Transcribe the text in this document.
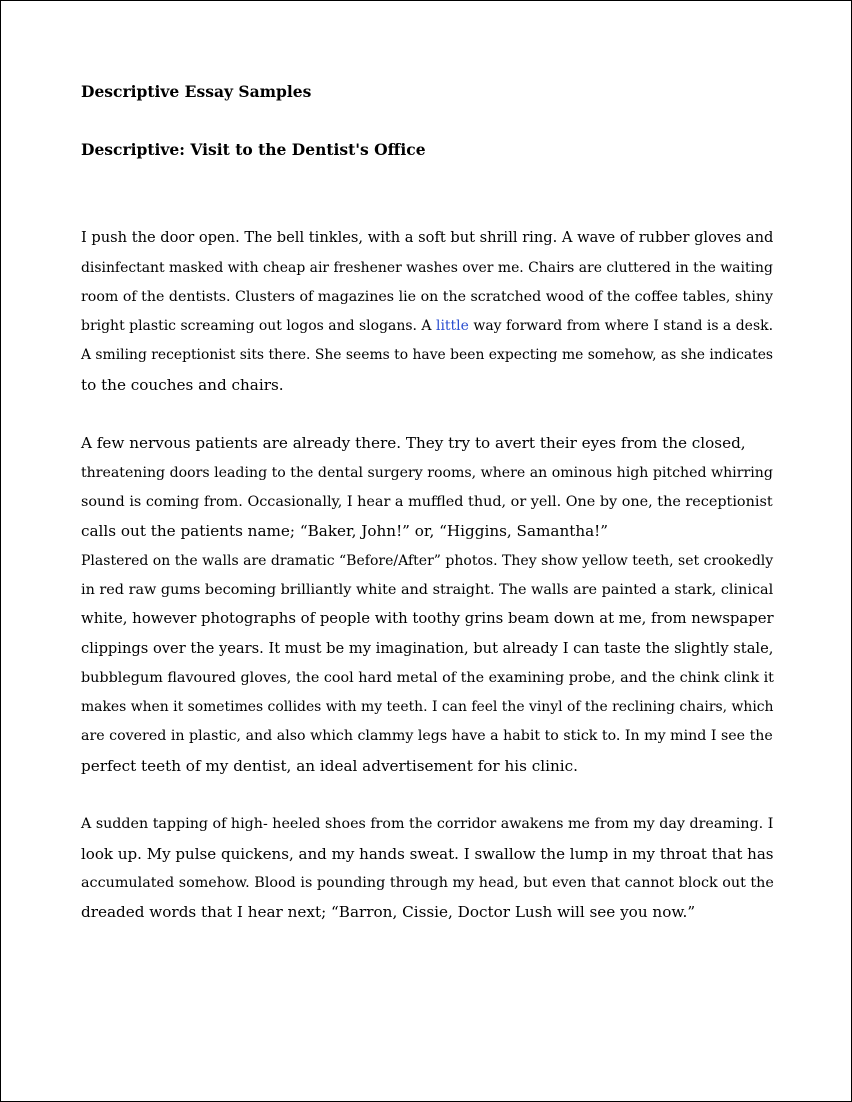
Descriptive Essay Samples

Descriptive: Visit to the Dentist's Office

I push the door open. The bell tinkles, with a soft but shrill ring. A wave of rubber gloves and

disinfectant masked with cheap air freshener washes over me. Chairs are cluttered in the waiting

room of the dentists. Clusters of magazines lie on the scratched wood of the coffee tables, shiny

bright plastic screaming out logos and slogans. A little way forward from where I stand is a desk.

A smiling receptionist sits there. She seems to have been expecting me somehow, as she indicates

to the couches and chairs.

A few nervous patients are already there. They try to avert their eyes from the closed,

threatening doors leading to the dental surgery rooms, where an ominous high pitched whirring

sound is coming from. Occasionally, I hear a muffled thud, or yell. One by one, the receptionist

calls out the patients name; “Baker, John!” or, “Higgins, Samantha!”

Plastered on the walls are dramatic “Before/After” photos. They show yellow teeth, set crookedly

in red raw gums becoming brilliantly white and straight. The walls are painted a stark, clinical

white, however photographs of people with toothy grins beam down at me, from newspaper

clippings over the years. It must be my imagination, but already I can taste the slightly stale,

bubblegum flavoured gloves, the cool hard metal of the examining probe, and the chink clink it

makes when it sometimes collides with my teeth. I can feel the vinyl of the reclining chairs, which

are covered in plastic, and also which clammy legs have a habit to stick to. In my mind I see the

perfect teeth of my dentist, an ideal advertisement for his clinic.

A sudden tapping of high- heeled shoes from the corridor awakens me from my day dreaming. I

look up. My pulse quickens, and my hands sweat. I swallow the lump in my throat that has

accumulated somehow. Blood is pounding through my head, but even that cannot block out the

dreaded words that I hear next; “Barron, Cissie, Doctor Lush will see you now.”
